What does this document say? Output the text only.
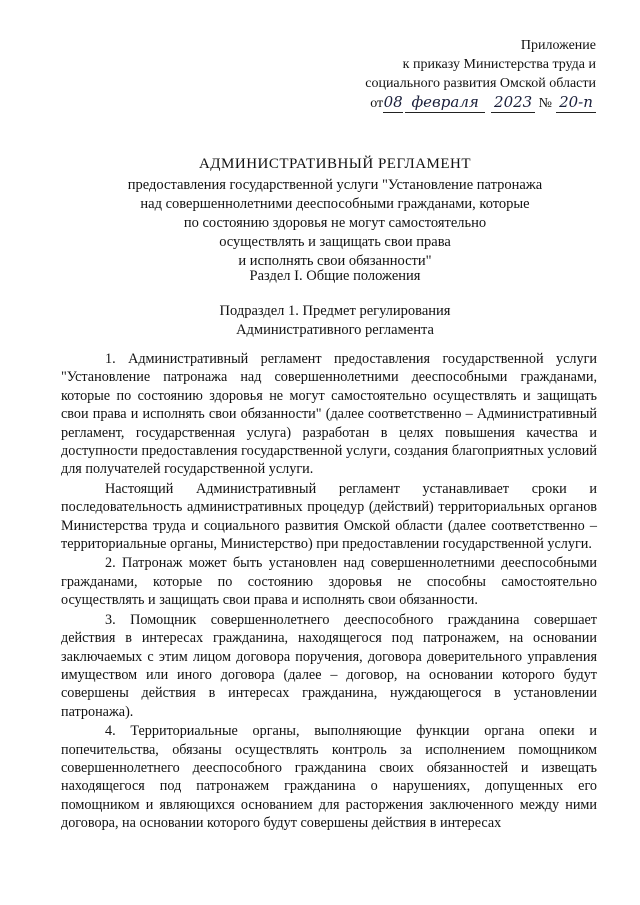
Приложение
к приказу Министерства труда и
социального развития Омской области
от08 февраля 2023 № 20-п
АДМИНИСТРАТИВНЫЙ РЕГЛАМЕНТ
предоставления государственной услуги "Установление патронажа
над совершеннолетними дееспособными гражданами, которые
по состоянию здоровья не могут самостоятельно
осуществлять и защищать свои права
и исполнять свои обязанности"
Раздел I. Общие положения
Подраздел 1. Предмет регулирования
Административного регламента

1. Административный регламент предоставления государственной услуги "Установление патронажа над совершеннолетними дееспособными гражданами, которые по состоянию здоровья не могут самостоятельно осуществлять и защищать свои права и исполнять свои обязанности" (далее соответственно – Административный регламент, государственная услуга) разработан в целях повышения качества и доступности предоставления государственной услуги, создания благоприятных условий для получателей государственной услуги.

Настоящий Административный регламент устанавливает сроки и последовательность административных процедур (действий) территориальных органов Министерства труда и социального развития Омской области (далее соответственно – территориальные органы, Министерство) при предоставлении государственной услуги.

2. Патронаж может быть установлен над совершеннолетними дееспособными гражданами, которые по состоянию здоровья не способны самостоятельно осуществлять и защищать свои права и исполнять свои обязанности.

3. Помощник совершеннолетнего дееспособного гражданина совершает действия в интересах гражданина, находящегося под патронажем, на основании заключаемых с этим лицом договора поручения, договора доверительного управления имуществом или иного договора (далее – договор, на основании которого будут совершены действия в интересах гражданина, нуждающегося в установлении патронажа).

4. Территориальные органы, выполняющие функции органа опеки и попечительства, обязаны осуществлять контроль за исполнением помощником совершеннолетнего дееспособного гражданина своих обязанностей и извещать находящегося под патронажем гражданина о нарушениях, допущенных его помощником и являющихся основанием для расторжения заключенного между ними договора, на основании которого будут совершены действия в интересах
